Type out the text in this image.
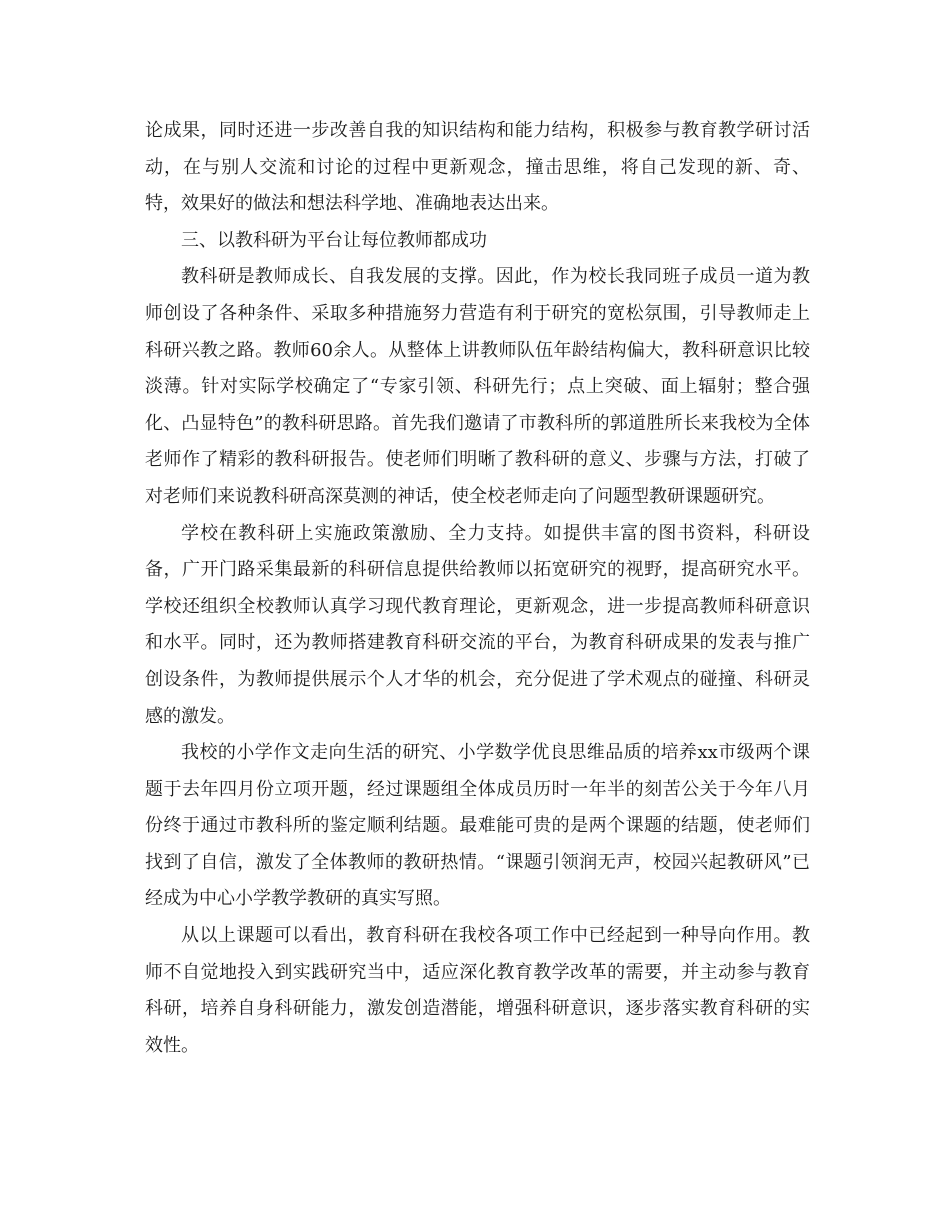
论成果，同时还进一步改善自我的知识结构和能力结构，积极参与教育教学研讨活动，在与别人交流和讨论的过程中更新观念，撞击思维，将自己发现的新、奇、特，效果好的做法和想法科学地、准确地表达出来。

三、以教科研为平台让每位教师都成功

教科研是教师成长、自我发展的支撑。因此，作为校长我同班子成员一道为教师创设了各种条件、采取多种措施努力营造有利于研究的宽松氛围，引导教师走上科研兴教之路。教师60余人。从整体上讲教师队伍年龄结构偏大，教科研意识比较淡薄。针对实际学校确定了“专家引领、科研先行；点上突破、面上辐射；整合强化、凸显特色”的教科研思路。首先我们邀请了市教科所的郭道胜所长来我校为全体老师作了精彩的教科研报告。使老师们明晰了教科研的意义、步骤与方法，打破了对老师们来说教科研高深莫测的神话，使全校老师走向了问题型教研课题研究。

学校在教科研上实施政策激励、全力支持。如提供丰富的图书资料，科研设备，广开门路采集最新的科研信息提供给教师以拓宽研究的视野，提高研究水平。学校还组织全校教师认真学习现代教育理论，更新观念，进一步提高教师科研意识和水平。同时，还为教师搭建教育科研交流的平台，为教育科研成果的发表与推广创设条件，为教师提供展示个人才华的机会，充分促进了学术观点的碰撞、科研灵感的激发。

我校的小学作文走向生活的研究、小学数学优良思维品质的培养xx市级两个课题于去年四月份立项开题，经过课题组全体成员历时一年半的刻苦公关于今年八月份终于通过市教科所的鉴定顺利结题。最难能可贵的是两个课题的结题，使老师们找到了自信，激发了全体教师的教研热情。“课题引领润无声，校园兴起教研风”已经成为中心小学教学教研的真实写照。

从以上课题可以看出，教育科研在我校各项工作中已经起到一种导向作用。教师不自觉地投入到实践研究当中，适应深化教育教学改革的需要，并主动参与教育科研，培养自身科研能力，激发创造潜能，增强科研意识，逐步落实教育科研的实效性。
